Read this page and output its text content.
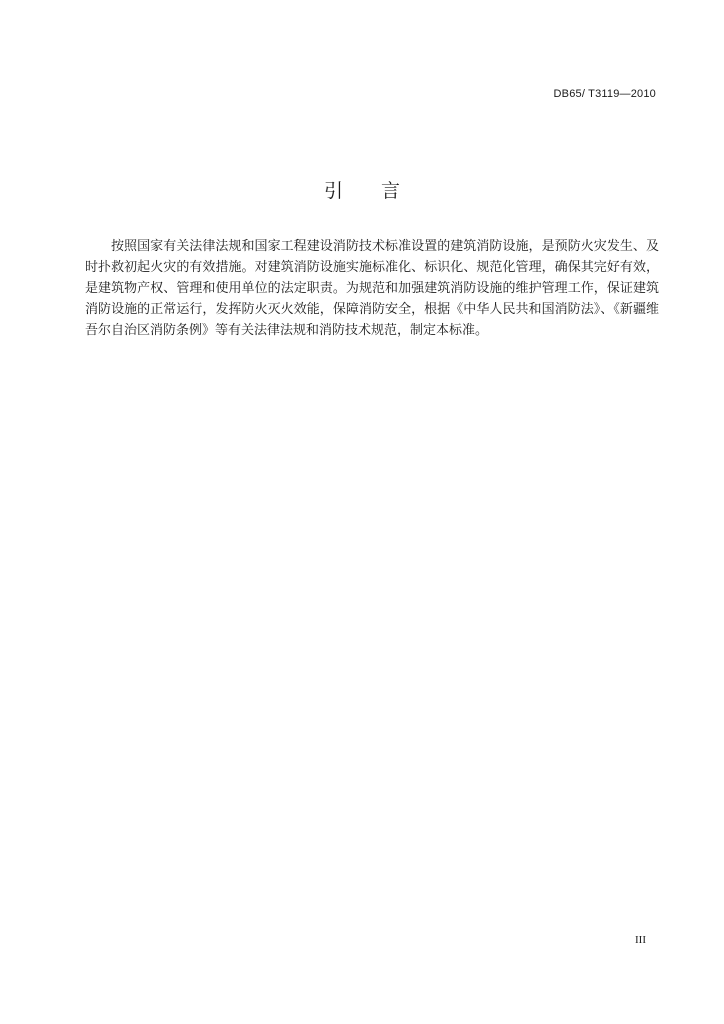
DB65/ T3119—2010
引言

按照国家有关法律法规和国家工程建设消防技术标准设置的建筑消防设施，是预防火灾发生、及时扑救初起火灾的有效措施。对建筑消防设施实施标准化、标识化、规范化管理，确保其完好有效，是建筑物产权、管理和使用单位的法定职责。为规范和加强建筑消防设施的维护管理工作，保证建筑消防设施的正常运行，发挥防火灭火效能，保障消防安全，根据《中华人民共和国消防法》、《新疆维吾尔自治区消防条例》等有关法律法规和消防技术规范，制定本标准。

III
